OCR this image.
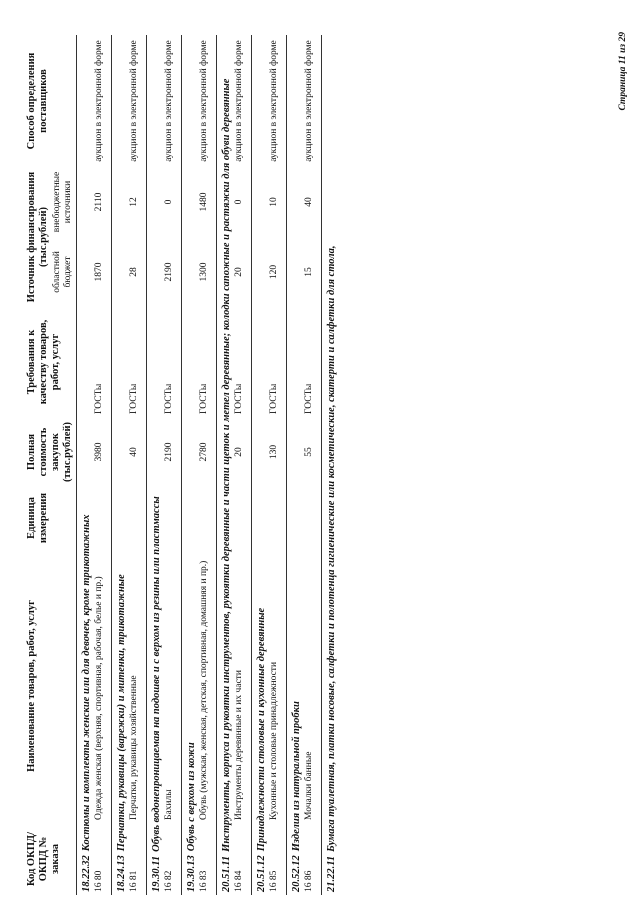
Код ОКПД/ ОКПД № заказа	Наименование товаров, работ, услуг	Единица измерения	Полная стоимость закупок (тыс.рублей)	Требования к качеству товаров, работ, услуг	Источник финансирования (тыс.рублей)		Способ определения поставщиков
					областной бюджет	внебюджетные источники	
18.22.32Костюмы и комплекты женские или для девочек, кроме трикотажных							
16 80	Одежда женская (верхняя, спортивная, рабочая, белье и пр.)		3980	ГОСТы	1870	2110	аукцион в электронной форме
18.24.13Перчатки, рукавицы (варежки) и митенки, трикотажные							
16 81	Перчатки, рукавицы хозяйственные		40	ГОСТы	28	12	аукцион в электронной форме
19.30.11Обувь водонепроницаемая на подошве и с верхом из резины или пластмассы							
16 82	Бахилы		2190	ГОСТы	2190	0	аукцион в электронной форме
19.30.13Обувь с верхом из кожи							
16 83	Обувь (мужская, женская, детская, спортивная, домашняя и пр.)		2780	ГОСТы	1300	1480	аукцион в электронной форме
20.51.11Инструменты, корпуса и рукоятки инструментов, рукоятки деревянные и части щеток и метел деревянные; колодки сапожные и растяжки для обуви деревянные							
16 84	Инструменты деревянные и их части		20	ГОСТы	20	0	аукцион в электронной форме
20.51.12Принадлежности столовые и кухонные деревянные							
16 85	Кухонные и столовые принадлежности		130	ГОСТы	120	10	аукцион в электронной форме
20.52.12Изделия из натуральной пробки							
16 86	Мочалки банные		55	ГОСТы	15	40	аукцион в электронной форме
21.22.11Бумага туалетная, платки носовые, салфетки и полотенца гигиенические или косметические, скатерти и салфетки для стола,							
Страница 11 из 29
